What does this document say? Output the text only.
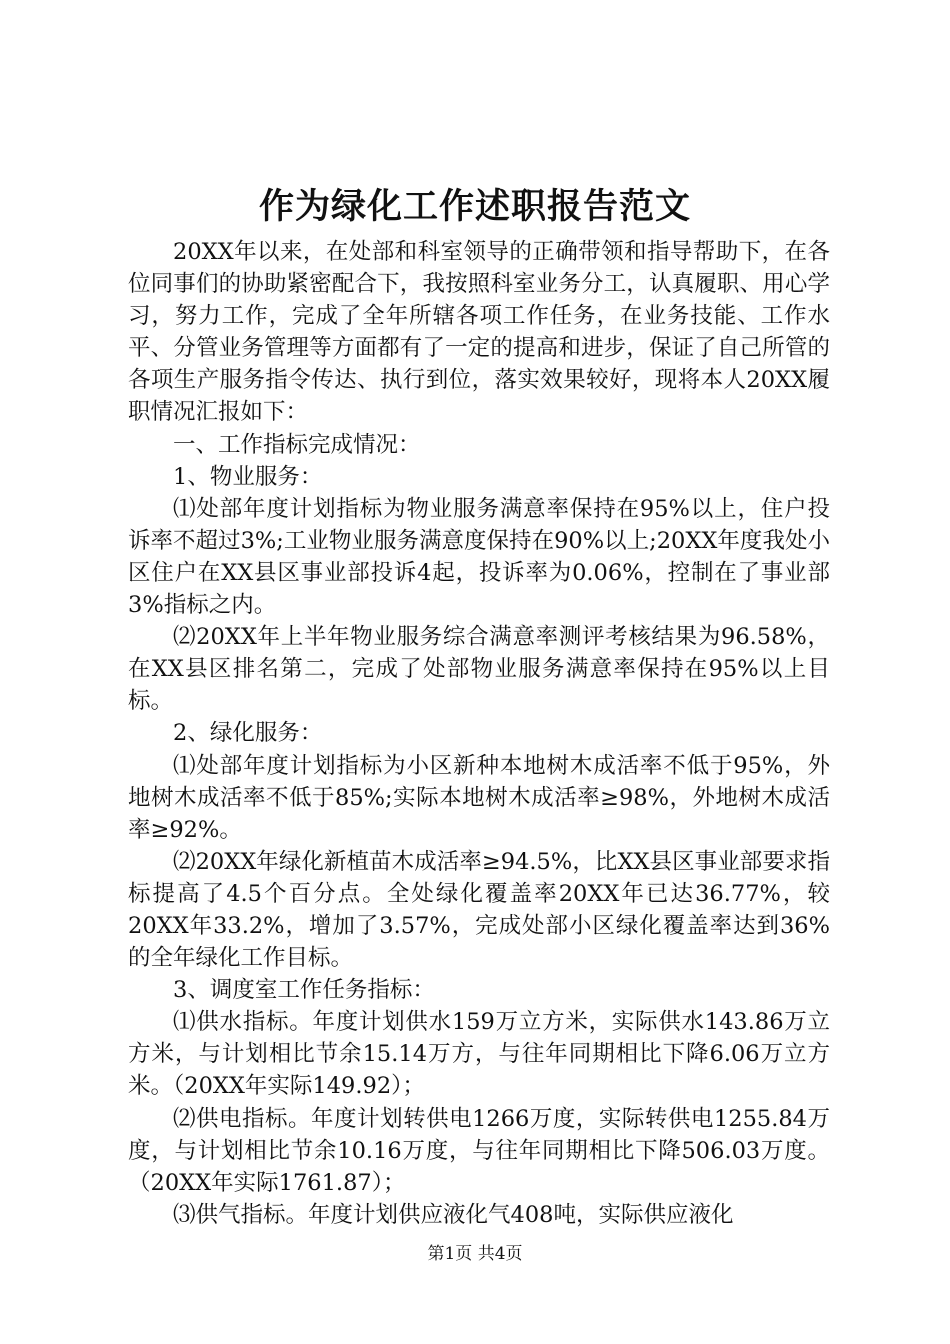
作为绿化工作述职报告范文

20XX年以来，在处部和科室领导的正确带领和指导帮助下，在各位同事们的协助紧密配合下，我按照科室业务分工，认真履职、用心学习，努力工作，完成了全年所辖各项工作任务，在业务技能、工作水平、分管业务管理等方面都有了一定的提高和进步，保证了自己所管的各项生产服务指令传达、执行到位，落实效果较好，现将本人20XX履职情况汇报如下：

一、工作指标完成情况：

1、物业服务：

⑴处部年度计划指标为物业服务满意率保持在95%以上，住户投诉率不超过3%;工业物业服务满意度保持在90%以上;20XX年度我处小区住户在XX县区事业部投诉4起，投诉率为0.06%，控制在了事业部3%指标之内。

⑵20XX年上半年物业服务综合满意率测评考核结果为96.58%，在XX县区排名第二，完成了处部物业服务满意率保持在95%以上目标。

2、绿化服务：

⑴处部年度计划指标为小区新种本地树木成活率不低于95%，外地树木成活率不低于85%;实际本地树木成活率≥98%，外地树木成活率≥92%。

⑵20XX年绿化新植苗木成活率≥94.5%，比XX县区事业部要求指标提高了4.5个百分点。全处绿化覆盖率20XX年已达36.77%，较20XX年33.2%，增加了3.57%，完成处部小区绿化覆盖率达到36%的全年绿化工作目标。

3、调度室工作任务指标：

⑴供水指标。年度计划供水159万立方米，实际供水143.86万立方米，与计划相比节余15.14万方，与往年同期相比下降6.06万立方米。（20XX年实际149.92）；

⑵供电指标。年度计划转供电1266万度，实际转供电1255.84万度，与计划相比节余10.16万度，与往年同期相比下降506.03万度。（20XX年实际1761.87）；

⑶供气指标。年度计划供应液化气408吨，实际供应液化

第1页 共4页
